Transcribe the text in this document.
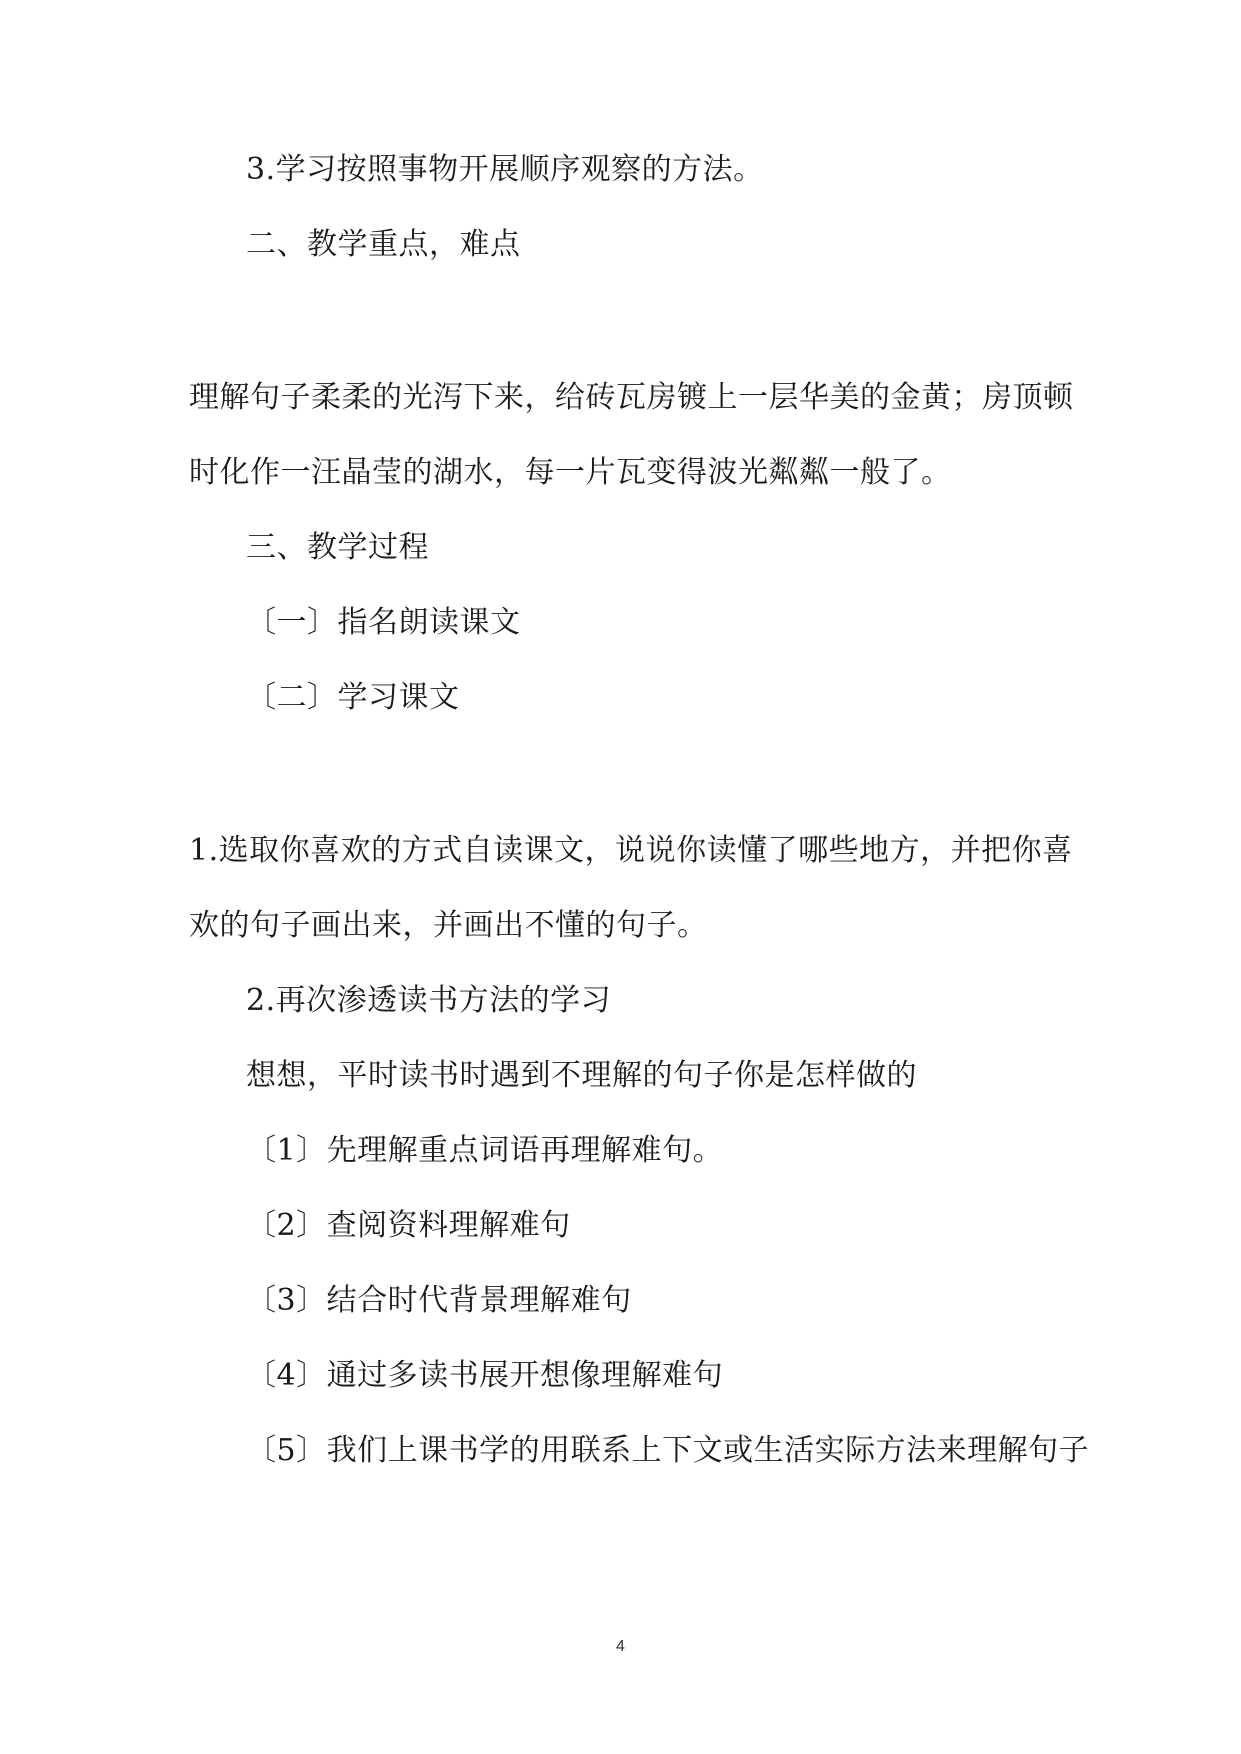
3.学习按照事物开展顺序观察的方法。

二、教学重点，难点

理解句子柔柔的光泻下来，给砖瓦房镀上一层华美的金黄；房顶顿

时化作一汪晶莹的湖水，每一片瓦变得波光粼粼一般了。

三、教学过程

〔一〕指名朗读课文

〔二〕学习课文

1.选取你喜欢的方式自读课文，说说你读懂了哪些地方，并把你喜

欢的句子画出来，并画出不懂的句子。

2.再次渗透读书方法的学习

想想，平时读书时遇到不理解的句子你是怎样做的

〔1〕先理解重点词语再理解难句。

〔2〕查阅资料理解难句

〔3〕结合时代背景理解难句

〔4〕通过多读书展开想像理解难句

〔5〕我们上课书学的用联系上下文或生活实际方法来理解句子

4
